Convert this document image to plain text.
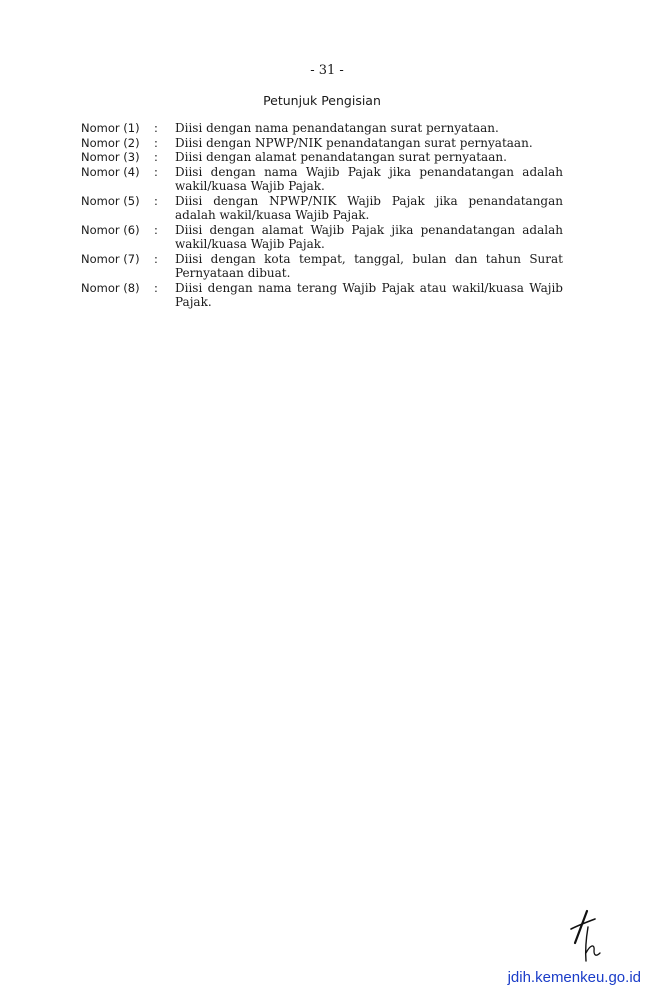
- 31 -
Petunjuk Pengisian
Nomor (1)	:	Diisi dengan nama penandatangan surat pernyataan.
Nomor (2)	:	Diisi dengan NPWP/NIK penandatangan surat pernyataan.
Nomor (3)	:	Diisi dengan alamat penandatangan surat pernyataan.
Nomor (4)	:	Diisi dengan nama Wajib Pajak jika penandatangan adalah wakil/kuasa Wajib Pajak.
Nomor (5)	:	Diisi dengan NPWP/NIK Wajib Pajak jika penandatangan adalah wakil/kuasa Wajib Pajak.
Nomor (6)	:	Diisi dengan alamat Wajib Pajak jika penandatangan adalah wakil/kuasa Wajib Pajak.
Nomor (7)	:	Diisi dengan kota tempat, tanggal, bulan dan tahun Surat Pernyataan dibuat.
Nomor (8)	:	Diisi dengan nama terang Wajib Pajak atau wakil/kuasa Wajib Pajak.
jdih.kemenkeu.go.id
